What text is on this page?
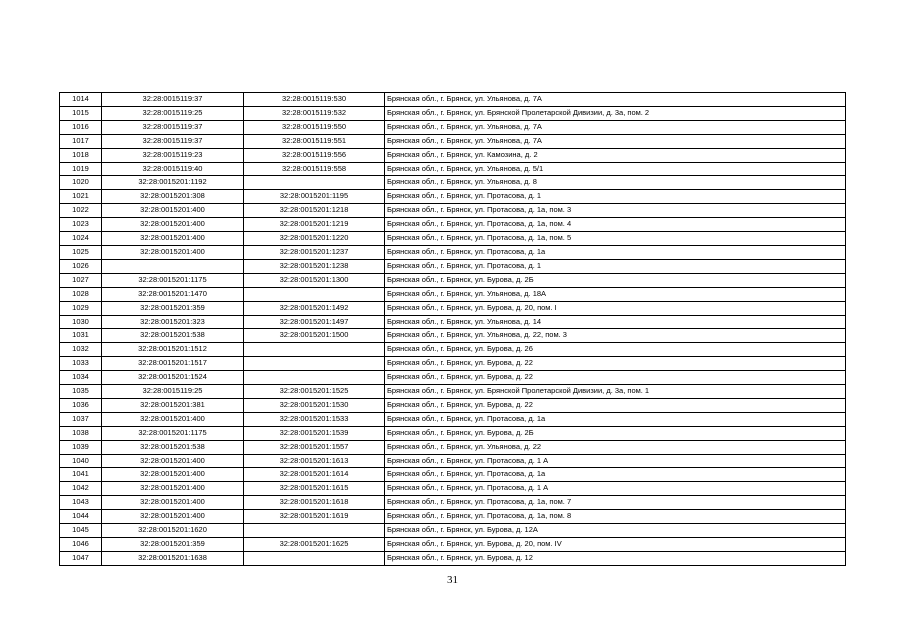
1014	32:28:0015119:37	32:28:0015119:530	Брянская обл., г. Брянск, ул. Ульянова, д. 7А
1015	32:28:0015119:25	32:28:0015119:532	Брянская обл., г. Брянск, ул. Брянской Пролетарской Дивизии, д. 3а, пом. 2
1016	32:28:0015119:37	32:28:0015119:550	Брянская обл., г. Брянск, ул. Ульянова, д. 7А
1017	32:28:0015119:37	32:28:0015119:551	Брянская обл., г. Брянск, ул. Ульянова, д. 7А
1018	32:28:0015119:23	32:28:0015119:556	Брянская обл., г. Брянск, ул. Камозина, д. 2
1019	32:28:0015119:40	32:28:0015119:558	Брянская обл., г. Брянск, ул. Ульянова, д. 5/1
1020	32:28:0015201:1192		Брянская обл., г. Брянск, ул. Ульянова, д. 8
1021	32:28:0015201:308	32:28:0015201:1195	Брянская обл., г. Брянск, ул. Протасова, д. 1
1022	32:28:0015201:400	32:28:0015201:1218	Брянская обл., г. Брянск, ул. Протасова, д. 1а, пом. 3
1023	32:28:0015201:400	32:28:0015201:1219	Брянская обл., г. Брянск, ул. Протасова, д. 1а, пом. 4
1024	32:28:0015201:400	32:28:0015201:1220	Брянская обл., г. Брянск, ул. Протасова, д. 1а, пом. 5
1025	32:28:0015201:400	32:28:0015201:1237	Брянская обл., г. Брянск, ул. Протасова, д. 1а
1026		32:28:0015201:1238	Брянская обл., г. Брянск, ул. Протасова, д. 1
1027	32:28:0015201:1175	32:28:0015201:1300	Брянская обл., г. Брянск, ул. Бурова, д. 2Б
1028	32:28:0015201:1470		Брянская обл., г. Брянск, ул. Ульянова, д. 18А
1029	32:28:0015201:359	32:28:0015201:1492	Брянская обл., г. Брянск, ул. Бурова, д. 20, пом. I
1030	32:28:0015201:323	32:28:0015201:1497	Брянская обл., г. Брянск, ул. Ульянова, д. 14
1031	32:28:0015201:538	32:28:0015201:1500	Брянская обл., г. Брянск, ул. Ульянова, д. 22, пом. 3
1032	32:28:0015201:1512		Брянская обл., г. Брянск, ул. Бурова, д. 26
1033	32:28:0015201:1517		Брянская обл., г. Брянск, ул. Бурова, д. 22
1034	32:28:0015201:1524		Брянская обл., г. Брянск, ул. Бурова, д. 22
1035	32:28:0015119:25	32:28:0015201:1525	Брянская обл., г. Брянск, ул. Брянской Пролетарской Дивизии, д. 3а, пом. 1
1036	32:28:0015201:381	32:28:0015201:1530	Брянская обл., г. Брянск, ул. Бурова, д. 22
1037	32:28:0015201:400	32:28:0015201:1533	Брянская обл., г. Брянск, ул. Протасова, д. 1а
1038	32:28:0015201:1175	32:28:0015201:1539	Брянская обл., г. Брянск, ул. Бурова, д. 2Б
1039	32:28:0015201:538	32:28:0015201:1557	Брянская обл., г. Брянск, ул. Ульянова, д. 22
1040	32:28:0015201:400	32:28:0015201:1613	Брянская обл., г. Брянск, ул. Протасова, д. 1 А
1041	32:28:0015201:400	32:28:0015201:1614	Брянская обл., г. Брянск, ул. Протасова, д. 1а
1042	32:28:0015201:400	32:28:0015201:1615	Брянская обл., г. Брянск, ул. Протасова, д. 1 А
1043	32:28:0015201:400	32:28:0015201:1618	Брянская обл., г. Брянск, ул. Протасова, д. 1а, пом. 7
1044	32:28:0015201:400	32:28:0015201:1619	Брянская обл., г. Брянск, ул. Протасова, д. 1а, пом. 8
1045	32:28:0015201:1620		Брянская обл., г. Брянск, ул. Бурова, д. 12А
1046	32:28:0015201:359	32:28:0015201:1625	Брянская обл., г. Брянск, ул. Бурова, д. 20, пом. IV
1047	32:28:0015201:1638		Брянская обл., г. Брянск, ул. Бурова, д. 12
31
